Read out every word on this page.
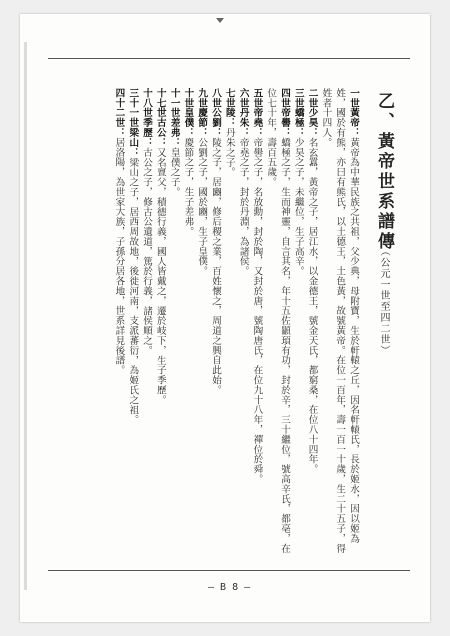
乙、黃帝世系譜傳
（公元一世至四二世）

一世黃帝：黃帝為中華民族之共祖，父少典，母附寶，生於軒轅之丘，因名軒轅氏，長於姬水，因以姬為姓，國於有熊，亦曰有熊氏，以土德王，土色黃，故號黃帝。在位一百年，壽一百一十歲，生二十五子，得姓者十四人。

二世少昊：名玄囂，黃帝之子，居江水，以金德王，號金天氏，都窮桑，在位八十四年。

三世蟜極：少昊之子，未繼位，生子高辛。

四世帝嚳：蟜極之子，生而神靈，自言其名，年十五佐顓頊有功，封於辛，三十繼位，號高辛氏，都亳，在位七十年，壽百五歲。

五世帝堯：帝嚳之子，名放勳，封於陶，又封於唐，號陶唐氏，在位九十八年，禪位於舜。

六世丹朱：帝堯之子，封於丹淵，為諸侯。

七世陵：丹朱之子。

八世公劉：陵之子，居豳，修后稷之業，百姓懷之，周道之興自此始。

九世慶節：公劉之子，國於豳，生子皇僕。

十世皇僕：慶節之子，生子差弗。

十一世差弗：皇僕之子。

十七世古公：又名亶父，積德行義，國人皆戴之，遷於岐下，生子季歷。

十八世季歷：古公之子，修古公遺道，篤於行義，諸侯順之。

三十一世梁山：梁山之子，居西周故地，後徙河南，支派蕃衍，為姬氏之祖。

四十二世：居洛陽，為世家大族，子孫分居各地，世系詳見後譜。

— B 8 —
